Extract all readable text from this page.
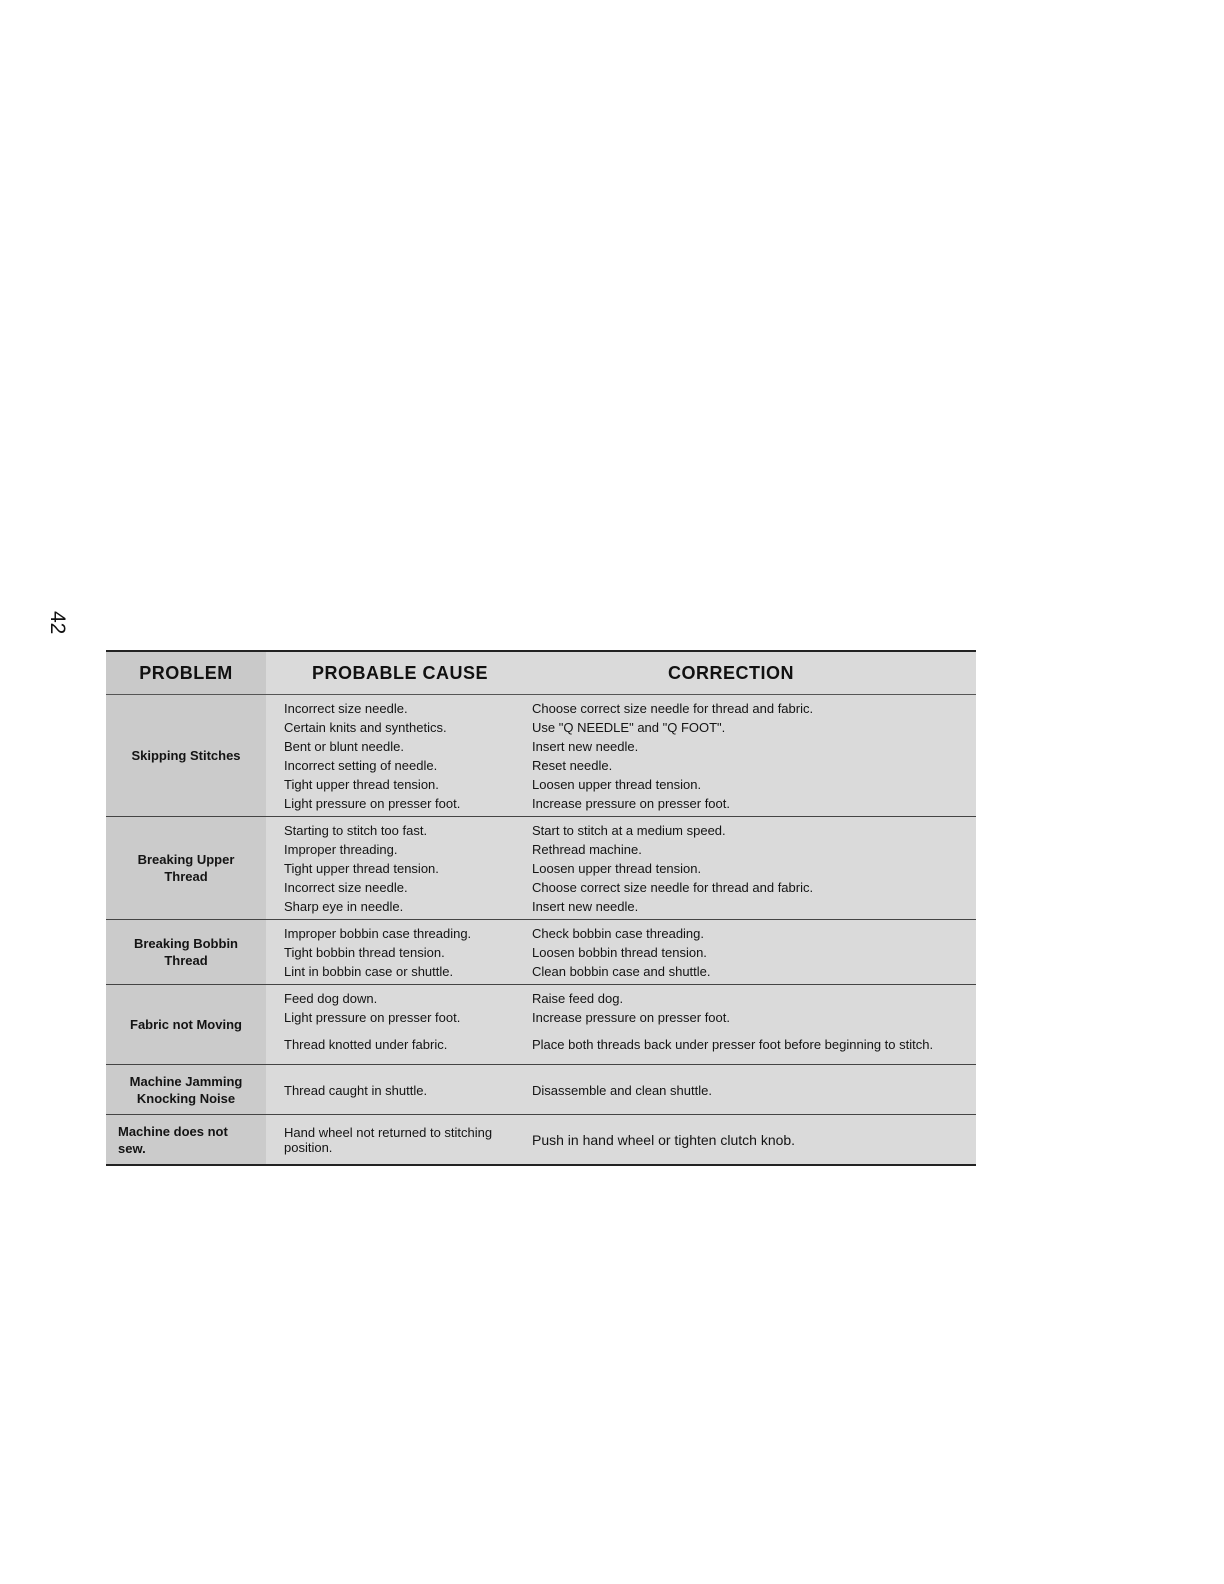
42
PROBLEM	PROBABLE CAUSE	CORRECTION
Skipping Stitches
Incorrect size needle.	Choose correct size needle for thread and fabric.
Certain knits and synthetics.	Use "Q NEEDLE" and "Q FOOT".
Bent or blunt needle.	Insert new needle.
Incorrect setting of needle.	Reset needle.
Tight upper thread tension.	Loosen upper thread tension.
Light pressure on presser foot.	Increase pressure on presser foot.
Breaking Upper Thread
Starting to stitch too fast.	Start to stitch at a medium speed.
Improper threading.	Rethread machine.
Tight upper thread tension.	Loosen upper thread tension.
Incorrect size needle.	Choose correct size needle for thread and fabric.
Sharp eye in needle.	Insert new needle.
Breaking Bobbin Thread
Improper bobbin case threading.	Check bobbin case threading.
Tight bobbin thread tension.	Loosen bobbin thread tension.
Lint in bobbin case or shuttle.	Clean bobbin case and shuttle.
Fabric not Moving
Feed dog down.	Raise feed dog.
Light pressure on presser foot.	Increase pressure on presser foot.
Thread knotted under fabric.	Place both threads back under presser foot before beginning to stitch.
Machine Jamming Knocking Noise
Thread caught in shuttle.	Disassemble and clean shuttle.
Machine does not sew.
Hand wheel not returned to stitching position.	Push in hand wheel or tighten clutch knob.
